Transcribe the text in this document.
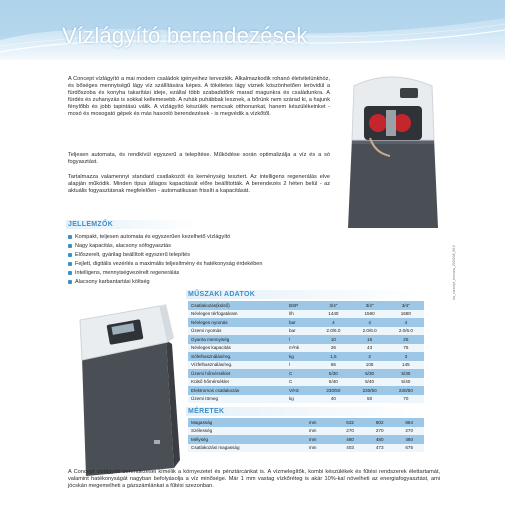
Vízlágyító berendezések
A Concept vízlágyító a mai modern családok igényeihez tervezték. Alkalmazkodik rohanó életvitelünkhöz, és bőséges mennyiségű lágy víz szállítására képes. A tökéletes lágy viznek köszönhetően lerövidül a fürdőszoba és konyha takarítási ideje, ezáltal több szabadidőnk marad magunkra és családunkra. A fürdés és zuhanyzás is sokkal kellemesebb. A ruhák puhábbak lesznek, a bőrünk nem szárad ki, a hajunk fénylőbb és jobb tapintású válik. A vízlágyító készülék nemcsak otthonunkat, hanem készülékeinket - mosó és mosogató gépek és más hasonló berendezések - is megvédik a vízkőtől.
Teljesen automata, és rendkívül egyszerű a telepítése. Működése során optimalizálja a víz és a só fogyasztást.
Tartalmazza valamennyi standard csatlakozót és keménység tesztert. Az intelligens regenerálás elve alapján működik. Minden típus átlagos kapacitását előre beállították. A berendezés 2 héten belül - az aktuális fogyasztásnak megfelelően - automatikusan frissíti a kapacitását.
JELLEMZŐK
Kompakt, teljesen automata és egyszerűen kezelhető vízlágyító
Nagy kapacitás, alacsony sófogyasztás
Előszerelt, gyárilag beállított egyszerű telepítés
Fejlett, digitális vezérlés a maximális teljesítmény és hatékonyság érdekében
Intelligens, mennyiségvezérelt regenerálás
Alacsony karbantartási költség
MŰSZAKI ADATOK
Csatlakozás(külső)	BSP	3/4"	3/4"	3/4"
Névleges térfogatáram	l/h	1440	1560	1680
Névleges nyomás	bar	4	4	4
Üzemi nyomás	bar	2.0/6.0	2.0/6.0	2.0/6.0
Gyanta mennyiség	l	10	15	25
Névleges kapacitás	m³nk	26	43	75
Sófelhasználás/reg.	kg	1,5	2	3
Vízfelhasználás/reg.	l	85	105	145
Üzemi hőmérséklet	C	5/30	5/30	5/30
Külső hőmérséklet	C	5/40	5/40	5/40
Elektromos csatlakozás	V/Hz	230/50	230/50	230/50
Üzemi tömeg	kg	40	50	70
MÉRETEK
Magasság	mm	532	802	864
Szélesség	mm	270	270	270
Mélység	mm	480	480	480
Csatlakozási magasság	mm	403	473	675
hu_concept_brosura_2020/08_B10
A Concept vízlágyító berendezései kímélik a környezetet és pénztárcánkat is. A vízmelegítők, kombi készülékek és fűtési rendszerek élettartamát, valamint hatékonyságát nagyban befolyásolja a víz minősége. Már 1 mm vastag vízkőréteg is akár 10%-kal növelheti az energiafogyasztást, ami jócskán megemelheti a gázszámlánkat a fűtési szezonban.
